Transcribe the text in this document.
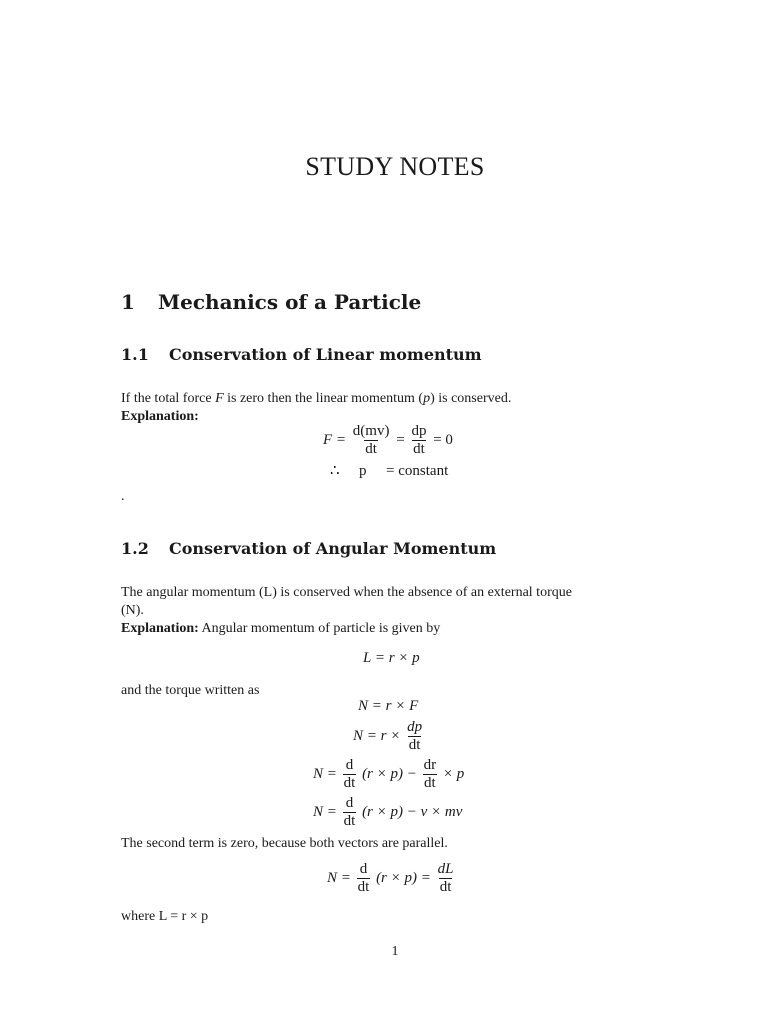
STUDY NOTES
1 Mechanics of a Particle
1.1 Conservation of Linear momentum
If the total force F is zero then the linear momentum (p) is conserved.
Explanation:
$F = \frac{d(mv)}{dt} = \frac{dp}{dt} = 0$
∴ p = constant
.
1.2 Conservation of Angular Momentum
The angular momentum (L) is conserved when the absence of an external torque
(N).
Explanation: Angular momentum of particle is given by
L = r × p
and the torque written as
N = r × F
$N = r \times \frac{dp}{dt}$
$N = \frac{d}{dt} (r \times p) - \frac{dr}{dt} \times p$
$N = \frac{d}{dt} (r \times p) - v$ × mv
The second term is zero, because both vectors are parallel.
$N = \frac{d}{dt} (r \times p) = \frac{dL}{dt}$
where L = r × p
1
